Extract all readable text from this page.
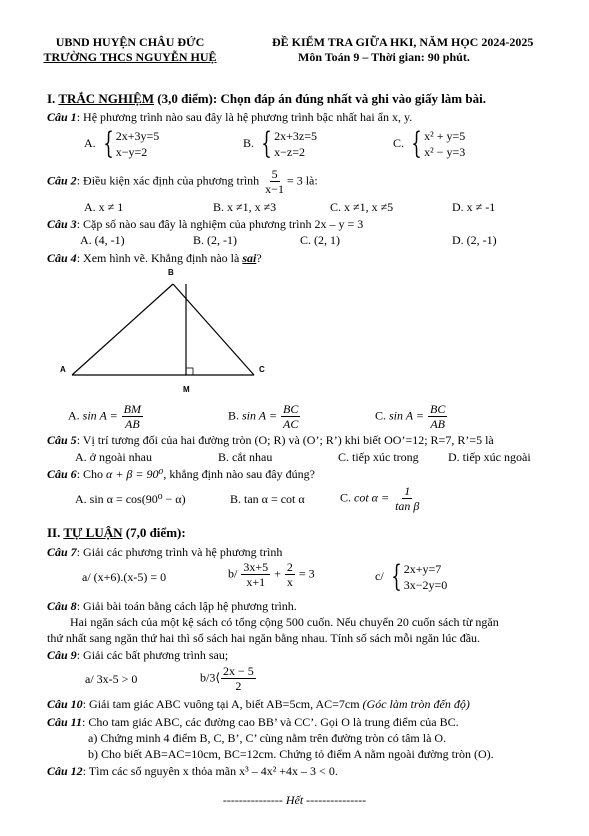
UBND HUYỆN CHÂU ĐỨC
TRƯỜNG THCS NGUYỄN HUỆ
ĐỀ KIỂM TRA GIỮA HKI, NĂM HỌC 2024-2025
Môn Toán 9 – Thời gian: 90 phút.
I. TRẮC NGHIỆM (3,0 điểm): Chọn đáp án đúng nhất và ghi vào giấy làm bài.
Câu 1: Hệ phương trình nào sau đây là hệ phương trình bậc nhất hai ẩn x, y.
A. { 2x+3y=5
x−y=2
B. { 2x+3z=5
x−z=2
C. { x² + y=5
x² − y=3
Câu 2: Điều kiện xác định của phương trình $\frac{5}{x-1} = 3$ là:
A. x ≠ 1	B. x ≠1, x ≠3	C. x ≠1, x ≠5	D. x ≠ -1
Câu 3: Cặp số nào sau đây là nghiệm của phương trình 2x – y = 3
A. (4, -1)	B. (2, -1)	C. (2, 1)	D. (2, -1)
Câu 4: Xem hình vẽ. Khẳng định nào là sai?
B
A	C
M
A. $\sin A = \frac{BM}{AB}$	B. $\sin A = \frac{BC}{AC}$	C. $\sin A = \frac{BC}{AB}$
Câu 5: Vị trí tương đối của hai đường tròn (O; R) và (O’; R’) khi biết OO’=12; R=7, R’=5 là
A. ở ngoài nhau	B. cắt nhau	C. tiếp xúc trong D. tiếp xúc ngoài
Câu 6: Cho α + β = 90⁰, khẳng định nào sau đây đúng?
A. sin α = cos(90⁰ − α)	B. tan α = cot α	C. $\cot \alpha = \frac{1}{\text{tan β}}$
II. TỰ LUẬN (7,0 điểm):
Câu 7: Giải các phương trình và hệ phương trình
a/ (x+6).(x-5) = 0	$b/ \frac{3x+5}{x+1} + \frac{2}{x} = 3$	c/ { 2x+y=7
3x−2y=0
Câu 8: Giải bài toán bằng cách lập hệ phương trình.
Hai ngăn sách của một kệ sách có tổng cộng 500 cuốn. Nếu chuyển 20 cuốn sách từ ngăn
thứ nhất sang ngăn thứ hai thì số sách hai ngăn bằng nhau. Tính số sách mỗi ngăn lúc đầu.
Câu 9: Giải các bất phương trình sau;
a/ 3x-5 > 0	b/3⟨ $\frac{2x - 5}{2}$
Câu 10: Giải tam giác ABC vuông tại A, biết AB=5cm, AC=7cm (Góc làm tròn đến độ)
Câu 11: Cho tam giác ABC, các đường cao BB’ và CC’. Gọi O là trung điểm của BC.
a) Chứng minh 4 điểm B, C, B’, C’ cùng nằm trên đường tròn có tâm là O.
b) Cho biết AB=AC=10cm, BC=12cm. Chứng tỏ điểm A nằm ngoài đường tròn (O).
Câu 12: Tìm các số nguyên x thỏa mãn x³ – 4x² +4x – 3 < 0.
--------------- Hết ---------------
